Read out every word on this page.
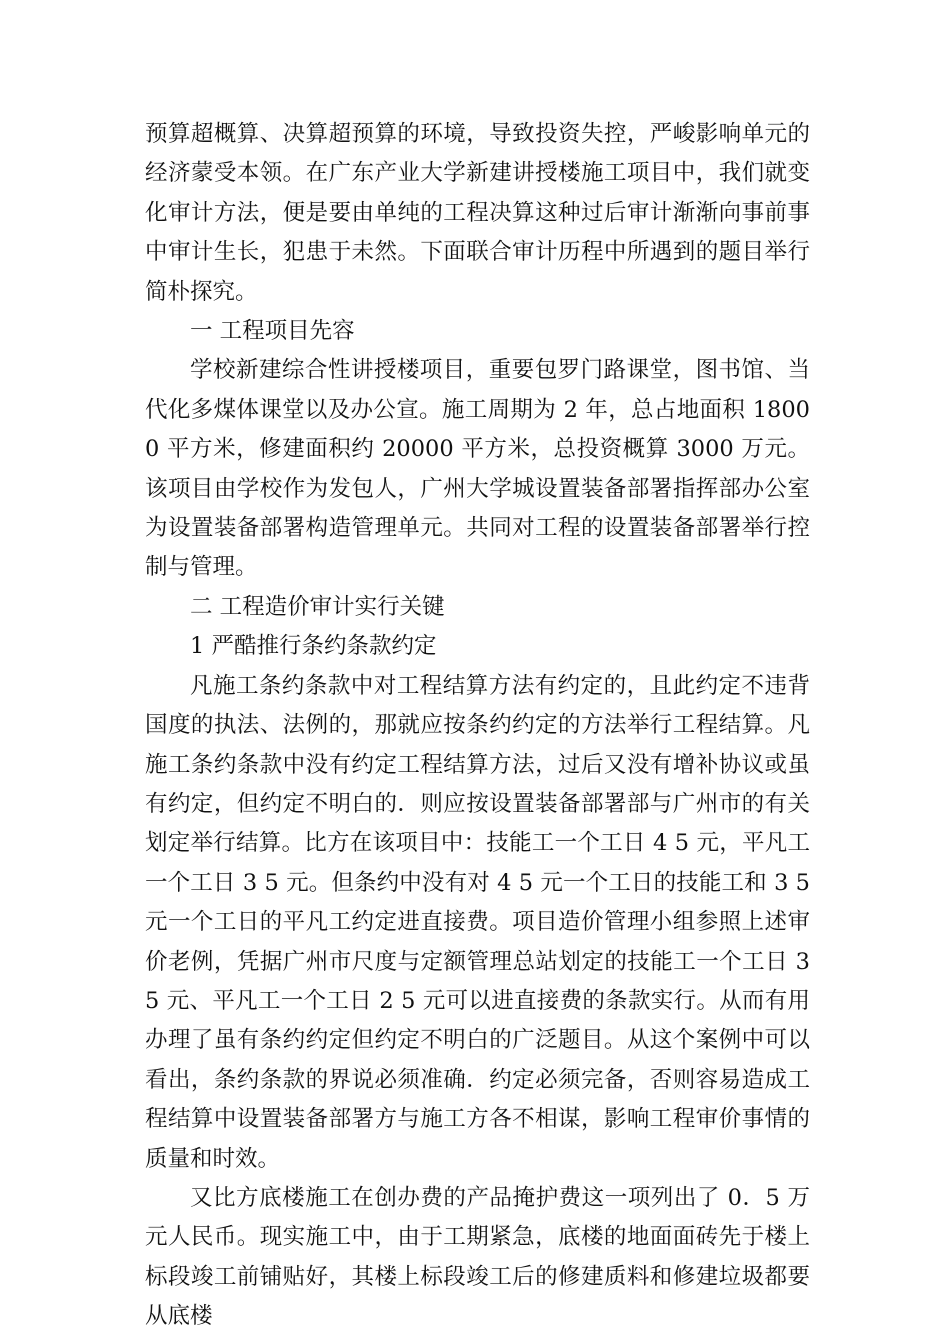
预算超概算、决算超预算的环境，导致投资失控，严峻影响单元的经济蒙受本领。在广东产业大学新建讲授楼施工项目中，我们就变化审计方法，便是要由单纯的工程决算这种过后审计渐渐向事前事中审计生长，犯患于未然。下面联合审计历程中所遇到的题目举行简朴探究。

一 工程项目先容

学校新建综合性讲授楼项目，重要包罗门路课堂，图书馆、当代化多煤体课堂以及办公宣。施工周期为 2 年，总占地面积 18000 平方米，修建面积约 20000 平方米，总投资概算 3000 万元。该项目由学校作为发包人，广州大学城设置装备部署指挥部办公室为设置装备部署构造管理单元。共同对工程的设置装备部署举行控制与管理。

二 工程造价审计实行关键

1 严酷推行条约条款约定

凡施工条约条款中对工程结算方法有约定的，且此约定不违背国度的执法、法例的，那就应按条约约定的方法举行工程结算。凡施工条约条款中没有约定工程结算方法，过后又没有增补协议或虽有约定，但约定不明白的．则应按设置装备部署部与广州市的有关划定举行结算。比方在该项目中：技能工一个工日 4 5 元，平凡工一个工日 3 5 元。但条约中没有对 4 5 元一个工日的技能工和 3 5 元一个工日的平凡工约定进直接费。项目造价管理小组参照上述审价老例，凭据广州市尺度与定额管理总站划定的技能工一个工日 3 5 元、平凡工一个工日 2 5 元可以进直接费的条款实行。从而有用办理了虽有条约约定但约定不明白的广泛题目。从这个案例中可以看出，条约条款的界说必须准确．约定必须完备，否则容易造成工程结算中设置装备部署方与施工方各不相谋，影响工程审价事情的质量和时效。

又比方底楼施工在创办费的产品掩护费这一项列出了 0．5 万元人民币。现实施工中，由于工期紧急，底楼的地面面砖先于楼上标段竣工前铺贴好，其楼上标段竣工后的修建质料和修建垃圾都要从底楼
